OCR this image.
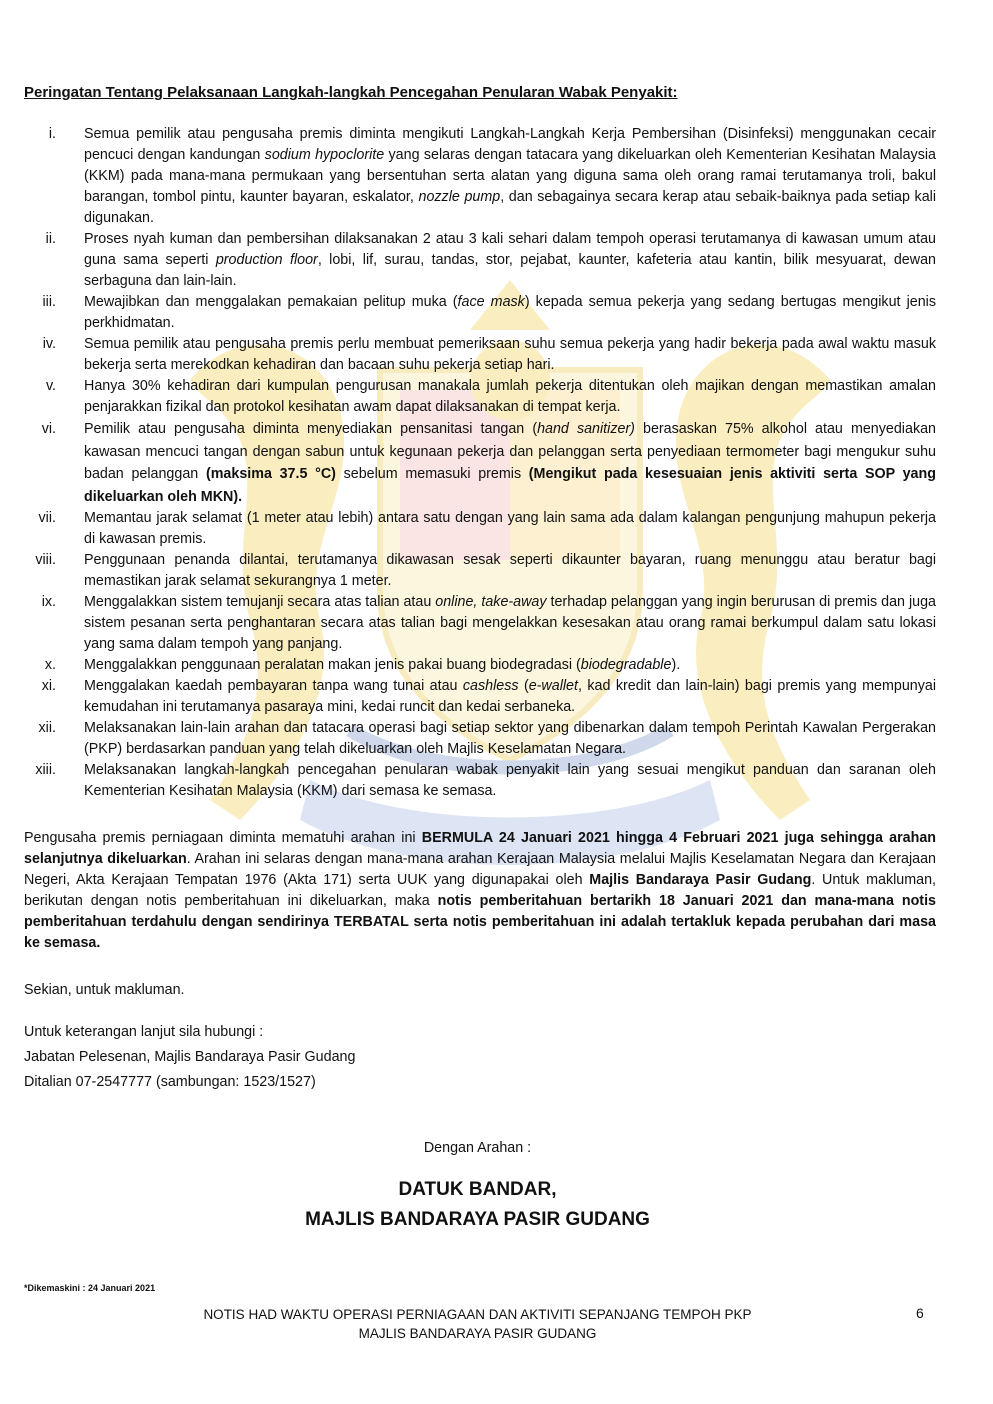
Peringatan Tentang Pelaksanaan Langkah-langkah Pencegahan Penularan Wabak Penyakit:
i. Semua pemilik atau pengusaha premis diminta mengikuti Langkah-Langkah Kerja Pembersihan (Disinfeksi) menggunakan cecair pencuci dengan kandungan sodium hypoclorite yang selaras dengan tatacara yang dikeluarkan oleh Kementerian Kesihatan Malaysia (KKM) pada mana-mana permukaan yang bersentuhan serta alatan yang diguna sama oleh orang ramai terutamanya troli, bakul barangan, tombol pintu, kaunter bayaran, eskalator, nozzle pump, dan sebagainya secara kerap atau sebaik-baiknya pada setiap kali digunakan.
ii. Proses nyah kuman dan pembersihan dilaksanakan 2 atau 3 kali sehari dalam tempoh operasi terutamanya di kawasan umum atau guna sama seperti production floor, lobi, lif, surau, tandas, stor, pejabat, kaunter, kafeteria atau kantin, bilik mesyuarat, dewan serbaguna dan lain-lain.
iii. Mewajibkan dan menggalakan pemakaian pelitup muka (face mask) kepada semua pekerja yang sedang bertugas mengikut jenis perkhidmatan.
iv. Semua pemilik atau pengusaha premis perlu membuat pemeriksaan suhu semua pekerja yang hadir bekerja pada awal waktu masuk bekerja serta merekodkan kehadiran dan bacaan suhu pekerja setiap hari.
v. Hanya 30% kehadiran dari kumpulan pengurusan manakala jumlah pekerja ditentukan oleh majikan dengan memastikan amalan penjarakkan fizikal dan protokol kesihatan awam dapat dilaksanakan di tempat kerja.
vi. Pemilik atau pengusaha diminta menyediakan pensanitasi tangan (hand sanitizer) berasaskan 75% alkohol atau menyediakan kawasan mencuci tangan dengan sabun untuk kegunaan pekerja dan pelanggan serta penyediaan termometer bagi mengukur suhu badan pelanggan (maksima 37.5 °C) sebelum memasuki premis (Mengikut pada kesesuaian jenis aktiviti serta SOP yang dikeluarkan oleh MKN).
vii. Memantau jarak selamat (1 meter atau lebih) antara satu dengan yang lain sama ada dalam kalangan pengunjung mahupun pekerja di kawasan premis.
viii. Penggunaan penanda dilantai, terutamanya dikawasan sesak seperti dikaunter bayaran, ruang menunggu atau beratur bagi memastikan jarak selamat sekurangnya 1 meter.
ix. Menggalakkan sistem temujanji secara atas talian atau online, take-away terhadap pelanggan yang ingin berurusan di premis dan juga sistem pesanan serta penghantaran secara atas talian bagi mengelakkan kesesakan atau orang ramai berkumpul dalam satu lokasi yang sama dalam tempoh yang panjang.
x. Menggalakkan penggunaan peralatan makan jenis pakai buang biodegradasi (biodegradable).
xi. Menggalakan kaedah pembayaran tanpa wang tunai atau cashless (e-wallet, kad kredit dan lain-lain) bagi premis yang mempunyai kemudahan ini terutamanya pasaraya mini, kedai runcit dan kedai serbaneka.
xii. Melaksanakan lain-lain arahan dan tatacara operasi bagi setiap sektor yang dibenarkan dalam tempoh Perintah Kawalan Pergerakan (PKP) berdasarkan panduan yang telah dikeluarkan oleh Majlis Keselamatan Negara.
xiii. Melaksanakan langkah-langkah pencegahan penularan wabak penyakit lain yang sesuai mengikut panduan dan saranan oleh Kementerian Kesihatan Malaysia (KKM) dari semasa ke semasa.
Pengusaha premis perniagaan diminta mematuhi arahan ini BERMULA 24 Januari 2021 hingga 4 Februari 2021 juga sehingga arahan selanjutnya dikeluarkan. Arahan ini selaras dengan mana-mana arahan Kerajaan Malaysia melalui Majlis Keselamatan Negara dan Kerajaan Negeri, Akta Kerajaan Tempatan 1976 (Akta 171) serta UUK yang digunapakai oleh Majlis Bandaraya Pasir Gudang. Untuk makluman, berikutan dengan notis pemberitahuan ini dikeluarkan, maka notis pemberitahuan bertarikh 18 Januari 2021 dan mana-mana notis pemberitahuan terdahulu dengan sendirinya TERBATAL serta notis pemberitahuan ini adalah tertakluk kepada perubahan dari masa ke semasa.
Sekian, untuk makluman.
Untuk keterangan lanjut sila hubungi :
Jabatan Pelesenan, Majlis Bandaraya Pasir Gudang
Ditalian 07-2547777 (sambungan: 1523/1527)
Dengan Arahan :
DATUK BANDAR,
MAJLIS BANDARAYA PASIR GUDANG
*Dikemaskini : 24 Januari 2021
NOTIS HAD WAKTU OPERASI PERNIAGAAN DAN AKTIVITI SEPANJANG TEMPOH PKP
MAJLIS BANDARAYA PASIR GUDANG
6
